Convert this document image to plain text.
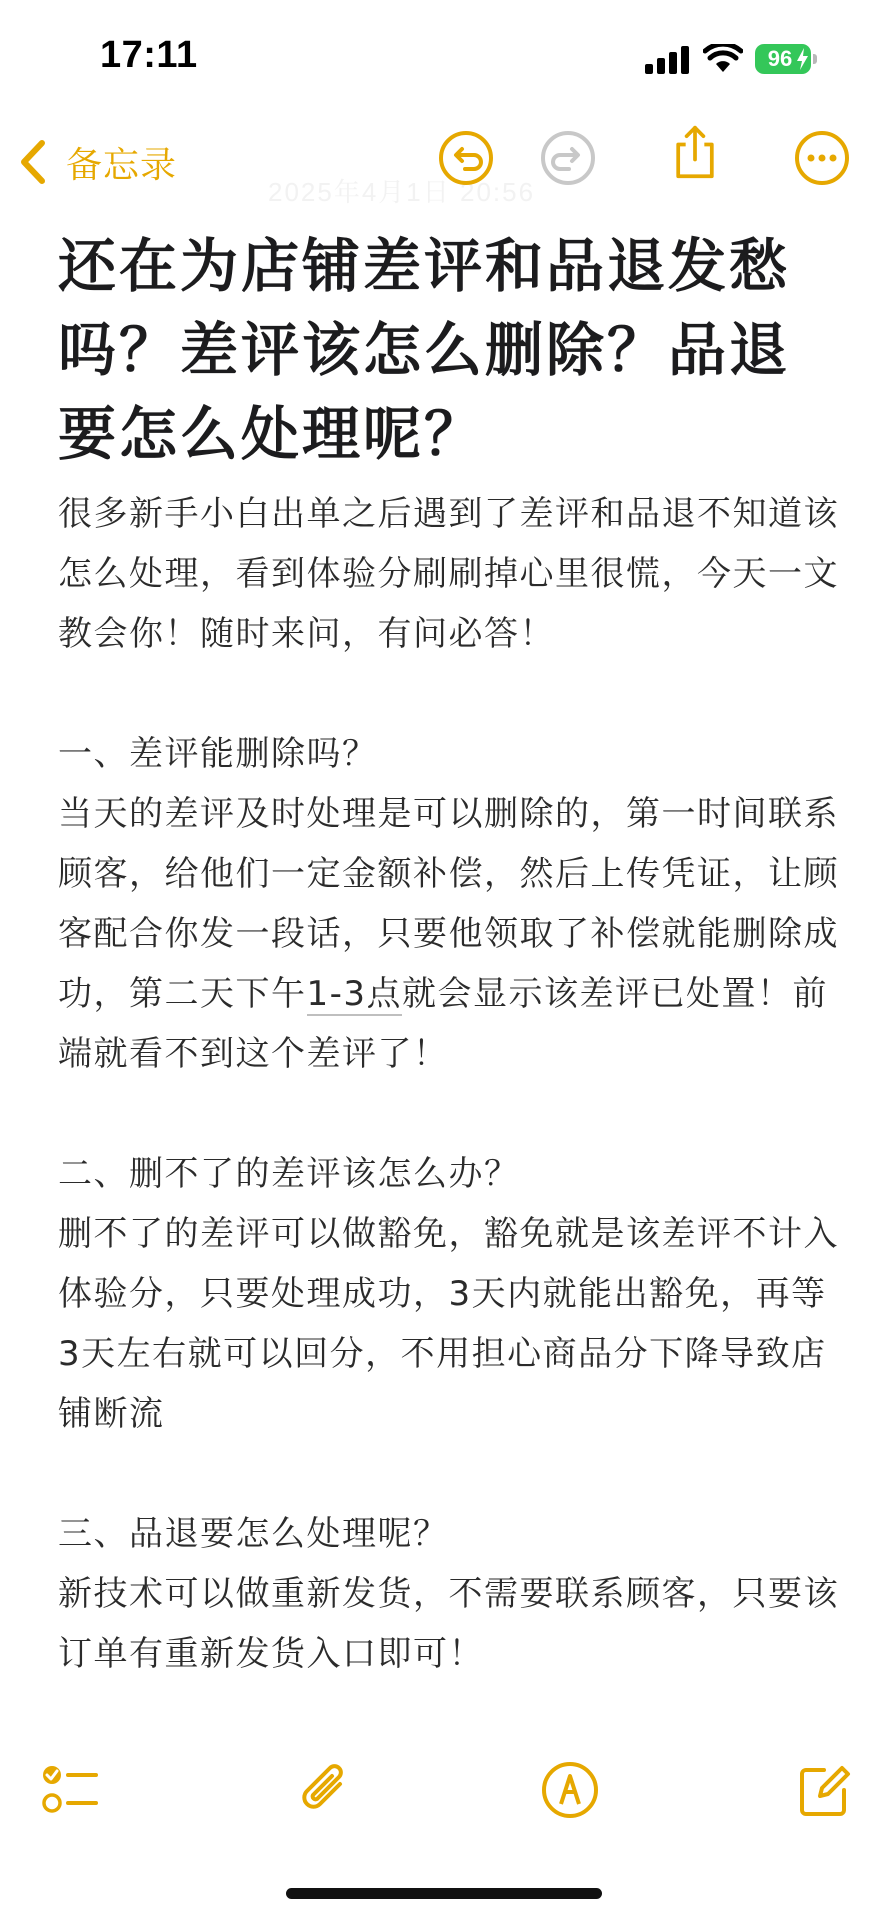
17:11	96
备忘录
2025年4月1日 20:56
还在为店铺差评和品退发愁吗？差评该怎么删除？品退要怎么处理呢？

很多新手小白出单之后遇到了差评和品退不知道该怎么处理，看到体验分刷刷掉心里很慌，今天一文教会你！随时来问，有问必答！

一、差评能删除吗？

当天的差评及时处理是可以删除的，第一时间联系顾客，给他们一定金额补偿，然后上传凭证，让顾客配合你发一段话，只要他领取了补偿就能删除成功，第二天下午1-3点就会显示该差评已处置！前端就看不到这个差评了！

二、删不了的差评该怎么办？

删不了的差评可以做豁免，豁免就是该差评不计入体验分，只要处理成功，3天内就能出豁免，再等3天左右就可以回分，不用担心商品分下降导致店铺断流

三、品退要怎么处理呢？

新技术可以做重新发货，不需要联系顾客，只要该订单有重新发货入口即可！
